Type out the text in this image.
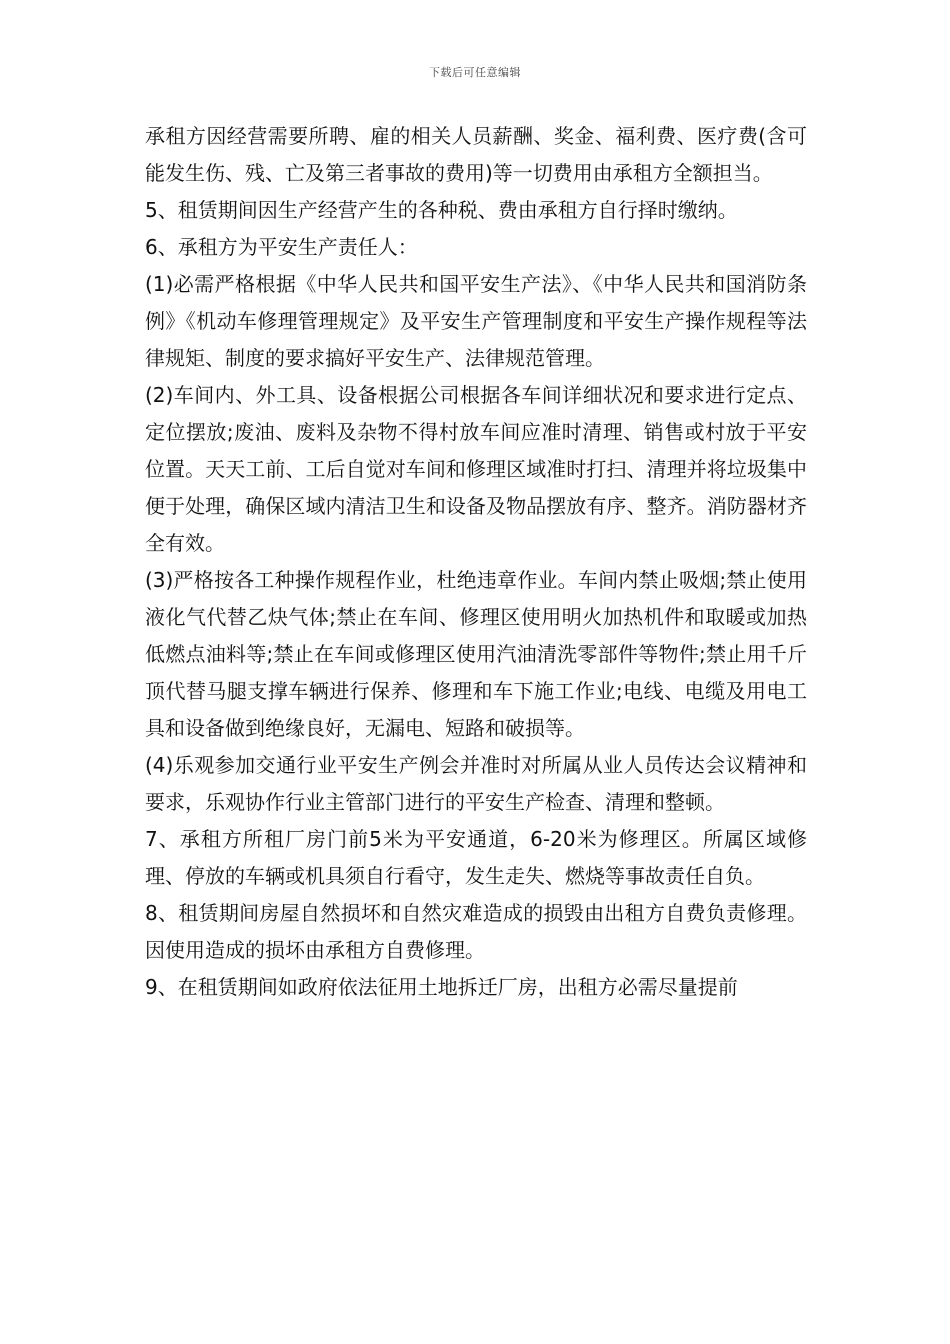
下载后可任意编辑

承租方因经营需要所聘、雇的相关人员薪酬、奖金、福利费、医疗费(含可能发生伤、残、亡及第三者事故的费用)等一切费用由承租方全额担当。

5、租赁期间因生产经营产生的各种税、费由承租方自行择时缴纳。

6、承租方为平安生产责任人：

(1)必需严格根据《中华人民共和国平安生产法》、《中华人民共和国消防条例》《机动车修理管理规定》及平安生产管理制度和平安生产操作规程等法律规矩、制度的要求搞好平安生产、法律规范管理。

(2)车间内、外工具、设备根据公司根据各车间详细状况和要求进行定点、定位摆放;废油、废料及杂物不得村放车间应准时清理、销售或村放于平安位置。天天工前、工后自觉对车间和修理区域准时打扫、清理并将垃圾集中便于处理，确保区域内清洁卫生和设备及物品摆放有序、整齐。消防器材齐全有效。

(3)严格按各工种操作规程作业，杜绝违章作业。车间内禁止吸烟;禁止使用液化气代替乙炔气体;禁止在车间、修理区使用明火加热机件和取暖或加热低燃点油料等;禁止在车间或修理区使用汽油清洗零部件等物件;禁止用千斤顶代替马腿支撑车辆进行保养、修理和车下施工作业;电线、电缆及用电工具和设备做到绝缘良好，无漏电、短路和破损等。

(4)乐观参加交通行业平安生产例会并准时对所属从业人员传达会议精神和要求，乐观协作行业主管部门进行的平安生产检查、清理和整顿。

7、承租方所租厂房门前5米为平安通道，6-20米为修理区。所属区域修理、停放的车辆或机具须自行看守，发生走失、燃烧等事故责任自负。

8、租赁期间房屋自然损坏和自然灾难造成的损毁由出租方自费负责修理。因使用造成的损坏由承租方自费修理。

9、在租赁期间如政府依法征用土地拆迁厂房，出租方必需尽量提前
